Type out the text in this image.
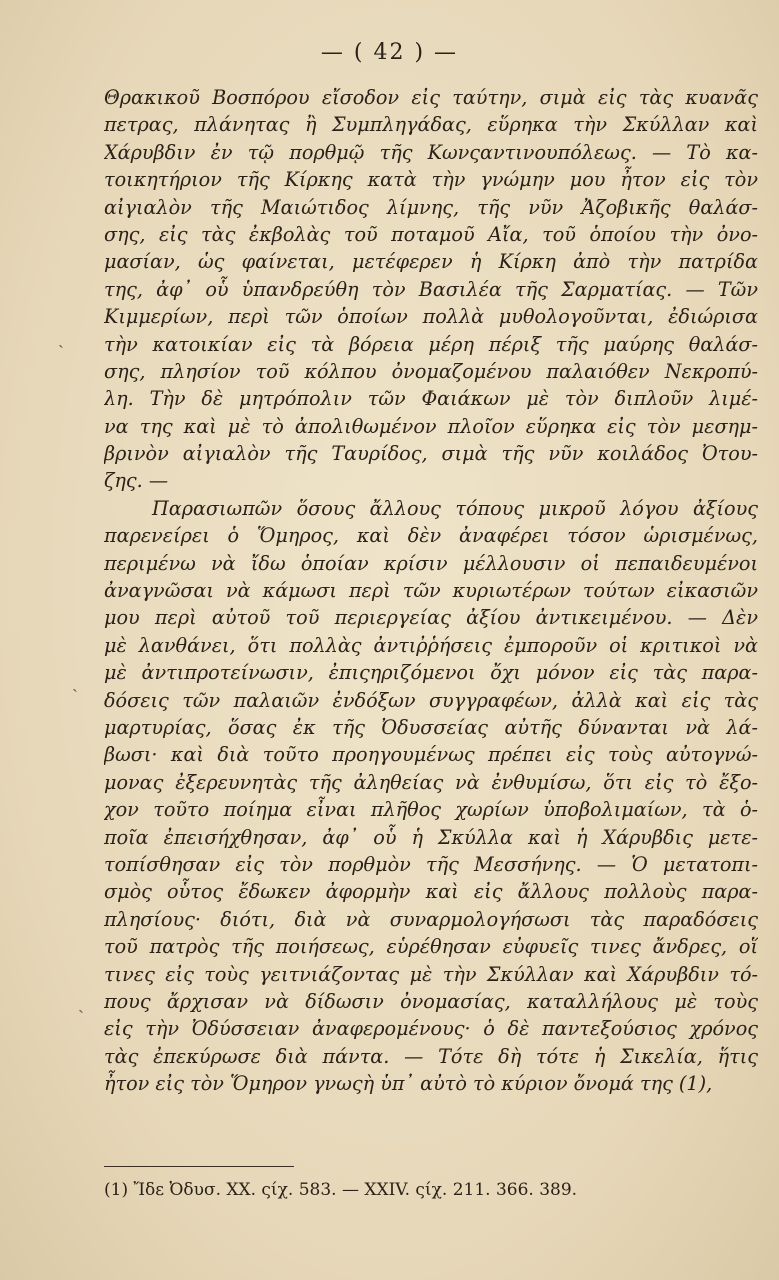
— ( 42 ) —
Θρακικοῦ Βοσπόρου εἴσοδον εἰς ταύτην, σιμὰ εἰς τὰς κυανᾶς
πετρας, πλάνητας ἢ Συμπληγάδας, εὕρηκα τὴν Σκύλλαν καὶ
Χάρυβδιν ἐν τῷ πορθμῷ τῆς Κωνςαντινουπόλεως. — Τὸ κα-
τοικητήριον τῆς Κίρκης κατὰ τὴν γνώμην μου ἦτον εἰς τὸν
αἰγιαλὸν τῆς Μαιώτιδος λίμνης, τῆς νῦν Ἀζοβικῆς θαλάσ-
σης, εἰς τὰς ἐκβολὰς τοῦ ποταμοῦ Αἴα, τοῦ ὁποίου τὴν ὀνο-
μασίαν, ὡς φαίνεται, μετέφερεν ἡ Κίρκη ἀπὸ τὴν πατρίδα
της, ἀφ᾽ οὗ ὑπανδρεύθη τὸν Βασιλέα τῆς Σαρματίας. — Τῶν
Κιμμερίων, περὶ τῶν ὁποίων πολλὰ μυθολογοῦνται, ἐδιώρισα
τὴν κατοικίαν εἰς τὰ βόρεια μέρη πέριξ τῆς μαύρης θαλάσ-
σης, πλησίον τοῦ κόλπου ὀνομαζομένου παλαιόθεν Νεκροπύ-
λη. Τὴν δὲ μητρόπολιν τῶν Φαιάκων μὲ τὸν διπλοῦν λιμέ-
να της καὶ μὲ τὸ ἀπολιθωμένον πλοῖον εὕρηκα εἰς τὸν μεσημ-
βρινὸν αἰγιαλὸν τῆς Ταυρίδος, σιμὰ τῆς νῦν κοιλάδος Ὀτου-
ζης. —
Παρασιωπῶν ὅσους ἄλλους τόπους μικροῦ λόγου ἀξίους
παρενείρει ὁ Ὅμηρος, καὶ δὲν ἀναφέρει τόσον ὡρισμένως,
περιμένω νὰ ἴδω ὁποίαν κρίσιν μέλλουσιν οἱ πεπαιδευμένοι
ἀναγνῶσαι νὰ κάμωσι περὶ τῶν κυριωτέρων τούτων εἰκασιῶν
μου περὶ αὐτοῦ τοῦ περιεργείας ἀξίου ἀντικειμένου. — Δὲν
μὲ λανθάνει, ὅτι πολλὰς ἀντιῤῥήσεις ἐμποροῦν οἱ κριτικοὶ νὰ
μὲ ἀντιπροτείνωσιν, ἐπιςηριζόμενοι ὄχι μόνον εἰς τὰς παρα-
δόσεις τῶν παλαιῶν ἐνδόξων συγγραφέων, ἀλλὰ καὶ εἰς τὰς
μαρτυρίας, ὅσας ἐκ τῆς Ὀδυσσείας αὐτῆς δύνανται νὰ λά-
βωσι· καὶ διὰ τοῦτο προηγουμένως πρέπει εἰς τοὺς αὐτογνώ-
μονας ἐξερευνητὰς τῆς ἀληθείας νὰ ἐνθυμίσω, ὅτι εἰς τὸ ἔξο-
χον τοῦτο ποίημα εἶναι πλῆθος χωρίων ὑποβολιμαίων, τὰ ὁ-
ποῖα ἐπεισήχθησαν, ἀφ᾽ οὗ ἡ Σκύλλα καὶ ἡ Χάρυβδις μετε-
τοπίσθησαν εἰς τὸν πορθμὸν τῆς Μεσσήνης. — Ὁ μετατοπι-
σμὸς οὗτος ἔδωκεν ἀφορμὴν καὶ εἰς ἄλλους πολλοὺς παρα-
πλησίους· διότι, διὰ νὰ συναρμολογήσωσι τὰς παραδόσεις
τοῦ πατρὸς τῆς ποιήσεως, εὑρέθησαν εὐφυεῖς τινες ἄνδρες, οἵ
τινες εἰς τοὺς γειτνιάζοντας μὲ τὴν Σκύλλαν καὶ Χάρυβδιν τό-
πους ἄρχισαν νὰ δίδωσιν ὀνομασίας, καταλλήλους μὲ τοὺς
εἰς τὴν Ὀδύσσειαν ἀναφερομένους· ὁ δὲ παντεξούσιος χρόνος
τὰς ἐπεκύρωσε διὰ πάντα. — Τότε δὴ τότε ἡ Σικελία, ἥτις
ἦτον εἰς τὸν Ὅμηρον γνωςὴ ὑπ᾽ αὐτὸ τὸ κύριον ὄνομά της (1),
ˏ
ˏ
ˏ
(1) Ἴδε Ὀδυσ. XX. ςίχ. 583. — XXIV. ςίχ. 211. 366. 389.
